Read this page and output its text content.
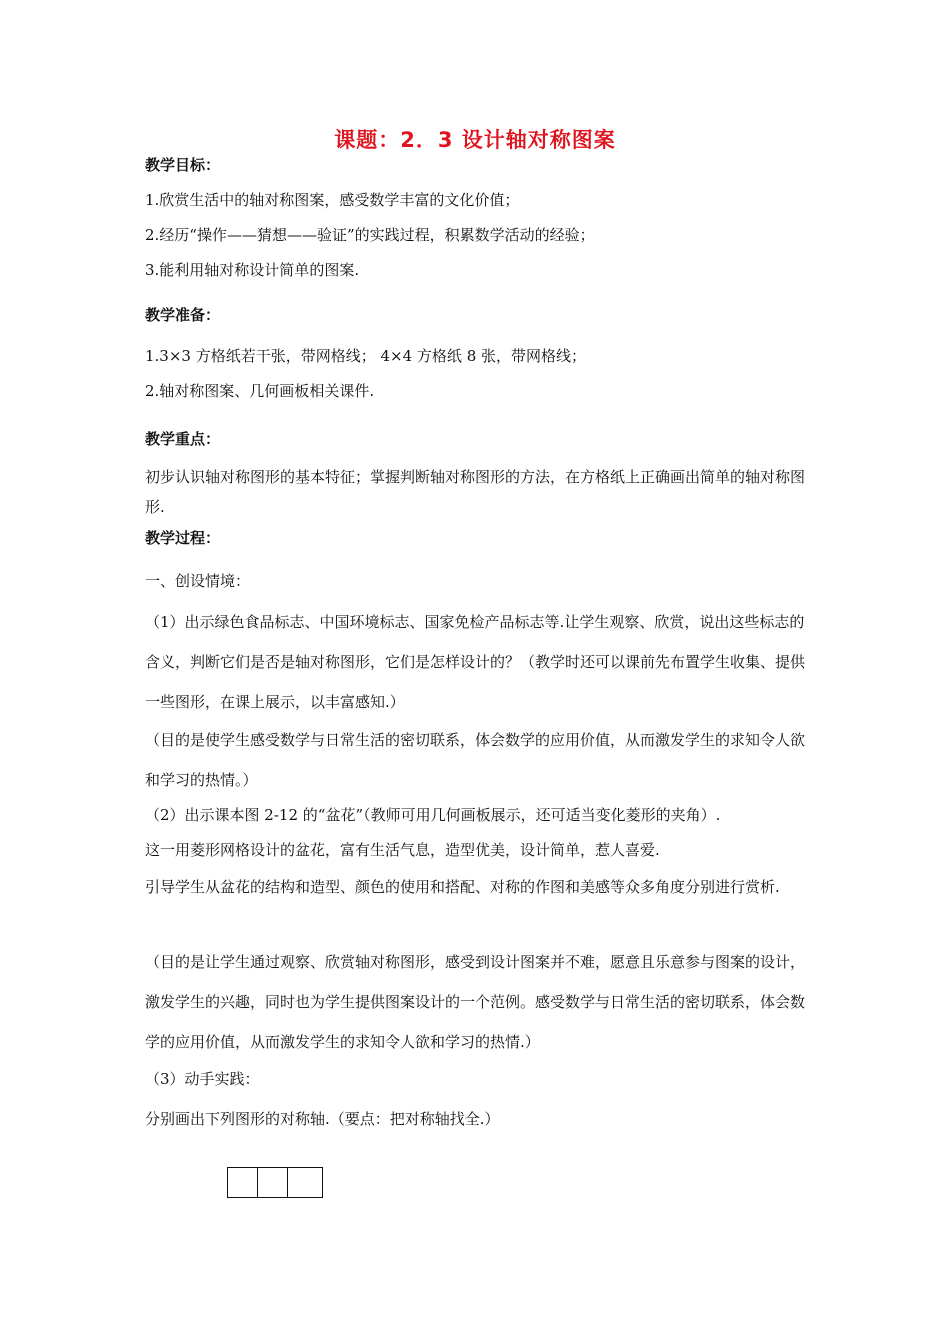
课题：2．3 设计轴对称图案
教学目标：
1.欣赏生活中的轴对称图案，感受数学丰富的文化价值；
2.经历“操作——猜想——验证”的实践过程，积累数学活动的经验；
3.能利用轴对称设计简单的图案.
教学准备：
1.3×3 方格纸若干张，带网格线； 4×4 方格纸 8 张，带网格线；
2.轴对称图案、几何画板相关课件.
教学重点：
初步认识轴对称图形的基本特征；掌握判断轴对称图形的方法，在方格纸上正确画出简单的轴对称图形.
教学过程：
一、创设情境：
（1）出示绿色食品标志、中国环境标志、国家免检产品标志等.让学生观察、欣赏，说出这些标志的含义，判断它们是否是轴对称图形，它们是怎样设计的？（教学时还可以课前先布置学生收集、提供一些图形，在课上展示，以丰富感知.）
（目的是使学生感受数学与日常生活的密切联系，体会数学的应用价值，从而激发学生的求知令人欲和学习的热情。）
（2）出示课本图 2-12 的“盆花”（教师可用几何画板展示，还可适当变化菱形的夹角）.
这一用菱形网格设计的盆花，富有生活气息，造型优美，设计简单，惹人喜爱.
引导学生从盆花的结构和造型、颜色的使用和搭配、对称的作图和美感等众多角度分别进行赏析.
（目的是让学生通过观察、欣赏轴对称图形，感受到设计图案并不难，愿意且乐意参与图案的设计，激发学生的兴趣，同时也为学生提供图案设计的一个范例。感受数学与日常生活的密切联系，体会数学的应用价值，从而激发学生的求知令人欲和学习的热情.）
（3）动手实践：
分别画出下列图形的对称轴.（要点：把对称轴找全.）
